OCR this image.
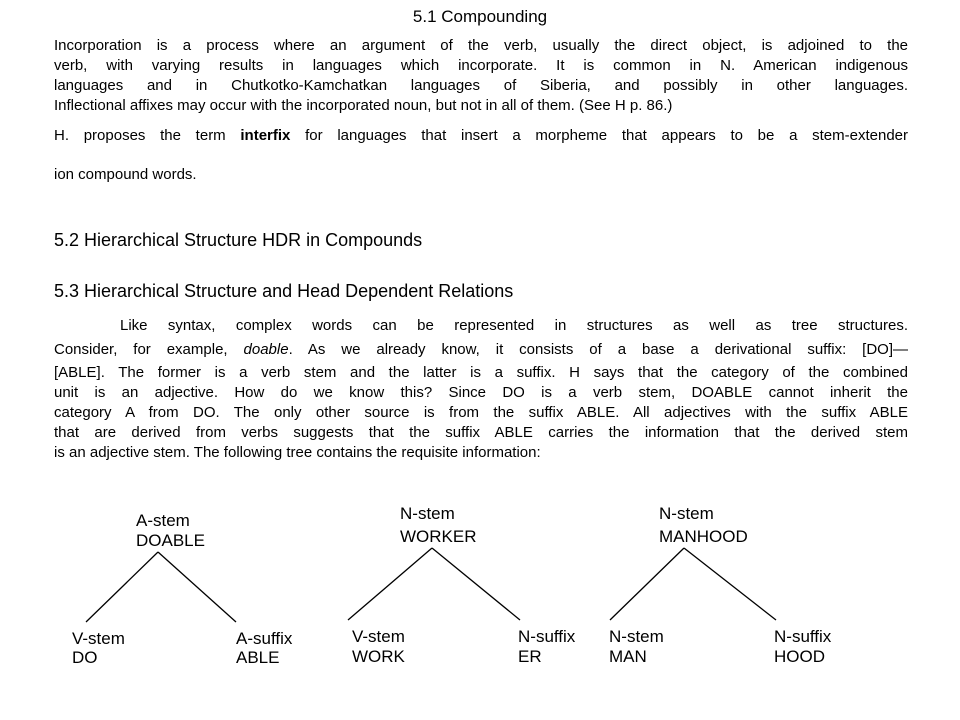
5.1 Compounding
Incorporation is a process where an argument of the verb, usually the direct object, is adjoined to the
verb, with varying results in languages which incorporate. It is common in N. American indigenous
languages and in Chutkotko-Kamchatkan languages of Siberia, and possibly in other languages.
Inflectional affixes may occur with the incorporated noun, but not in all of them. (See H p. 86.)
H. proposes the term interfix for languages that insert a morpheme that appears to be a stem-extender
ion compound words.
5.2 Hierarchical Structure HDR in Compounds
5.3 Hierarchical Structure and Head Dependent Relations
Like syntax, complex words can be represented in structures as well as tree structures.
Consider, for example, doable. As we already know, it consists of a base a derivational suffix: [DO]—
[ABLE]. The former is a verb stem and the latter is a suffix. H says that the category of the combined
unit is an adjective. How do we know this? Since DO is a verb stem, DOABLE cannot inherit the
category A from DO. The only other source is from the suffix ABLE. All adjectives with the suffix ABLE
that are derived from verbs suggests that the suffix ABLE carries the information that the derived stem
is an adjective stem. The following tree contains the requisite information:
A-stem
DOABLE
V-stem
DO
A-suffix
ABLE
N-stem
WORKER
V-stem
WORK
N-suffix
ER
N-stem
MANHOOD
N-stem
MAN
N-suffix
HOOD
